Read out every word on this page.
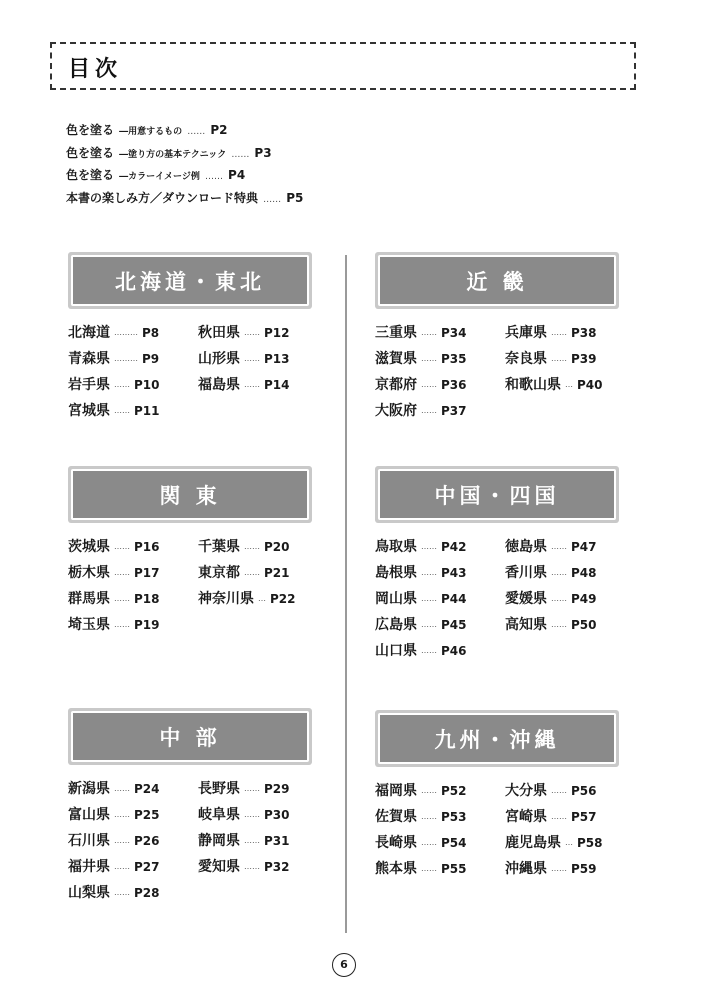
目次
色を塗る ―用意するもの …… P2
色を塗る ―塗り方の基本テクニック …… P3
色を塗る ―カラーイメージ例 …… P4
本書の楽しみ方／ダウンロード特典 …… P5
北海道・東北
北海道 ……… P8
青森県 ……… P9
岩手県 …… P10
宮城県 …… P11
秋田県 …… P12
山形県 …… P13
福島県 …… P14
近 畿
三重県 …… P34
滋賀県 …… P35
京都府 …… P36
大阪府 …… P37
兵庫県 …… P38
奈良県 …… P39
和歌山県 … P40
関 東
茨城県 …… P16
栃木県 …… P17
群馬県 …… P18
埼玉県 …… P19
千葉県 …… P20
東京都 …… P21
神奈川県 … P22
中国・四国
鳥取県 …… P42
島根県 …… P43
岡山県 …… P44
広島県 …… P45
山口県 …… P46
徳島県 …… P47
香川県 …… P48
愛媛県 …… P49
高知県 …… P50
中 部
新潟県 …… P24
富山県 …… P25
石川県 …… P26
福井県 …… P27
山梨県 …… P28
長野県 …… P29
岐阜県 …… P30
静岡県 …… P31
愛知県 …… P32
九州・沖縄
福岡県 …… P52
佐賀県 …… P53
長崎県 …… P54
熊本県 …… P55
大分県 …… P56
宮崎県 …… P57
鹿児島県 … P58
沖縄県 …… P59
6
